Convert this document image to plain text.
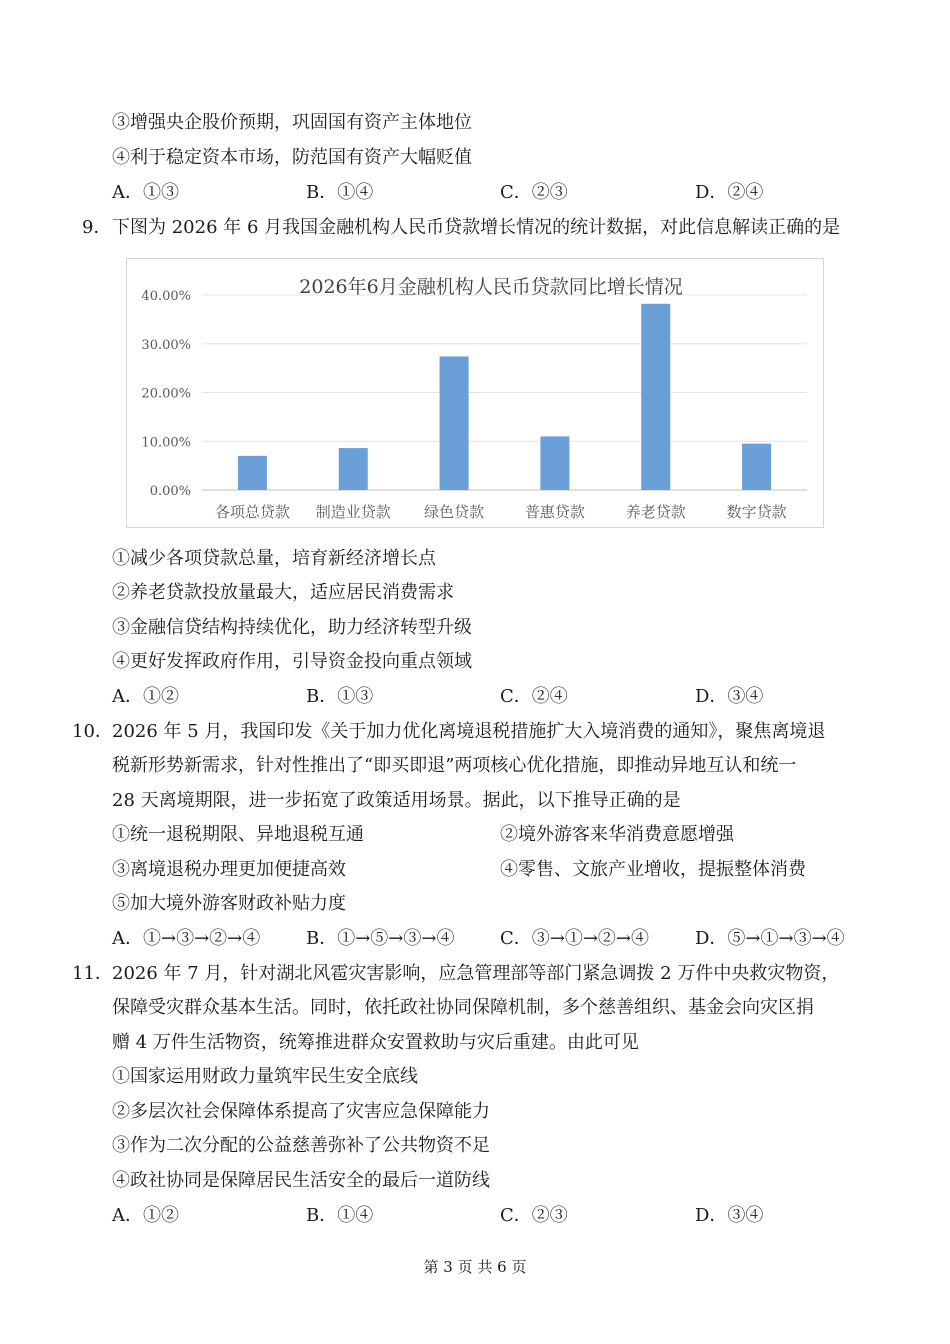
③增强央企股价预期，巩固国有资产主体地位
④利于稳定资本市场，防范国有资产大幅贬值
A．①③	B．①④	C．②③	D．②④
9． 下图为 2026 年 6 月我国金融机构人民币贷款增长情况的统计数据，对此信息解读正确的是
0.00%
10.00%
20.00%
30.00%
40.00%	2026年6月金融机构人民币贷款同比增长情况
各项总贷款 制造业贷款 绿色贷款	普惠贷款	养老贷款	数字贷款
①减少各项贷款总量，培育新经济增长点
②养老贷款投放量最大，适应居民消费需求
③金融信贷结构持续优化，助力经济转型升级
④更好发挥政府作用，引导资金投向重点领域
A．①②	B．①③	C．②④	D．③④
10． 2026 年 5 月，我国印发《关于加力优化离境退税措施扩大入境消费的通知》，聚焦离境退
税新形势新需求，针对性推出了“即买即退”两项核心优化措施，即推动异地互认和统一
28 天离境期限，进一步拓宽了政策适用场景。据此，以下推导正确的是
①统一退税期限、异地退税互通	②境外游客来华消费意愿增强
③离境退税办理更加便捷高效	④零售、文旅产业增收，提振整体消费
⑤加大境外游客财政补贴力度
A．①→③→②→④	B．①→⑤→③→④	C．③→①→②→④	D．⑤→①→③→④
11． 2026 年 7 月，针对湖北风雹灾害影响，应急管理部等部门紧急调拨 2 万件中央救灾物资，
保障受灾群众基本生活。同时，依托政社协同保障机制，多个慈善组织、基金会向灾区捐
赠 4 万件生活物资，统筹推进群众安置救助与灾后重建。由此可见
①国家运用财政力量筑牢民生安全底线
②多层次社会保障体系提高了灾害应急保障能力
③作为二次分配的公益慈善弥补了公共物资不足
④政社协同是保障居民生活安全的最后一道防线
A．①②	B．①④	C．②③	D．③④
第 3 页 共 6 页
